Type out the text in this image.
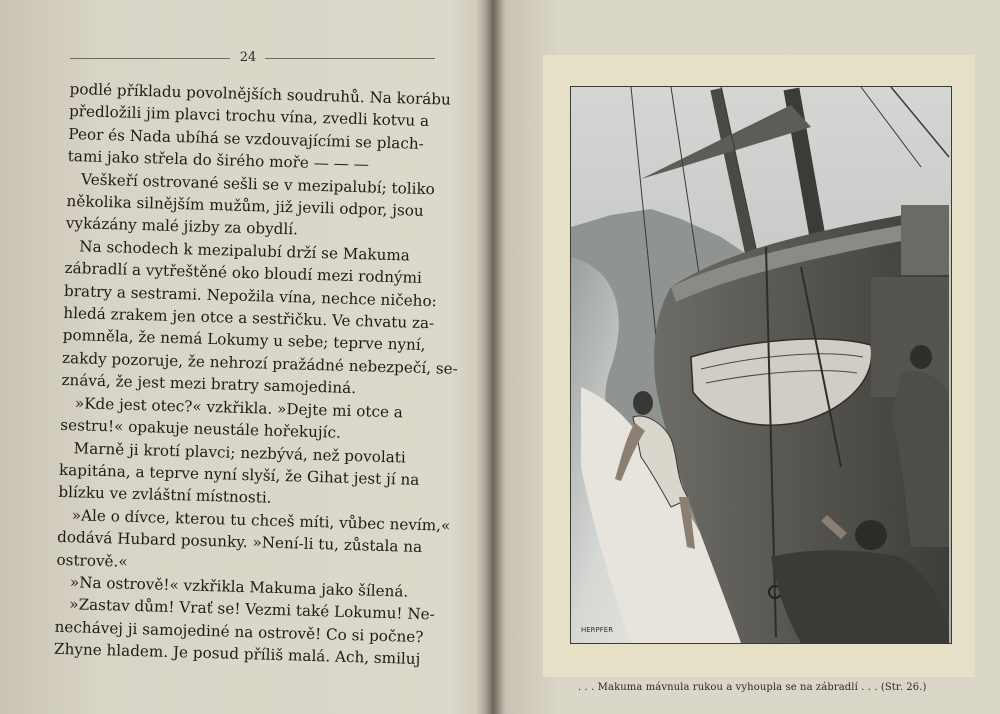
24
podlé příkladu povolnějších soudruhů. Na korábu
předložili jim plavci trochu vína, zvedli kotvu a
Peor és Nada ubíhá se vzdouvajícími se plach-
tami jako střela do širého moře — — —
Veškeří ostrované sešli se v mezipalubí; toliko
několika silnějším mužům, již jevili odpor, jsou
vykázány malé jizby za obydlí.
Na schodech k mezipalubí drží se Makuma
zábradlí a vytřeštěné oko bloudí mezi rodnými
bratry a sestrami. Nepožila vína, nechce ničeho:
hledá zrakem jen otce a sestřičku. Ve chvatu za-
pomněla, že nemá Lokumy u sebe; teprve nyní,
zakdy pozoruje, že nehrozí pražádné nebezpečí, se-
znává, že jest mezi bratry samojediná.
»Kde jest otec?« vzkřikla. »Dejte mi otce a
sestru!« opakuje neustále hořekujíc.
Marně ji krotí plavci; nezbývá, než povolati
kapitána, a teprve nyní slyší, že Gihat jest jí na
blízku ve zvláštní místnosti.
»Ale o dívce, kterou tu chceš míti, vůbec nevím,«
dodává Hubard posunky. »Není-li tu, zůstala na
ostrově.«
»Na ostrově!« vzkřikla Makuma jako šílená.
»Zastav dům! Vrať se! Vezmi také Lokumu! Ne-
nechávej ji samojediné na ostrově! Co si počne?
Zhyne hladem. Je posud příliš malá. Ach, smiluj
HERPFER
. . . Makuma mávnula rukou a vyhoupla se na zábradlí . . . (Str. 26.)
